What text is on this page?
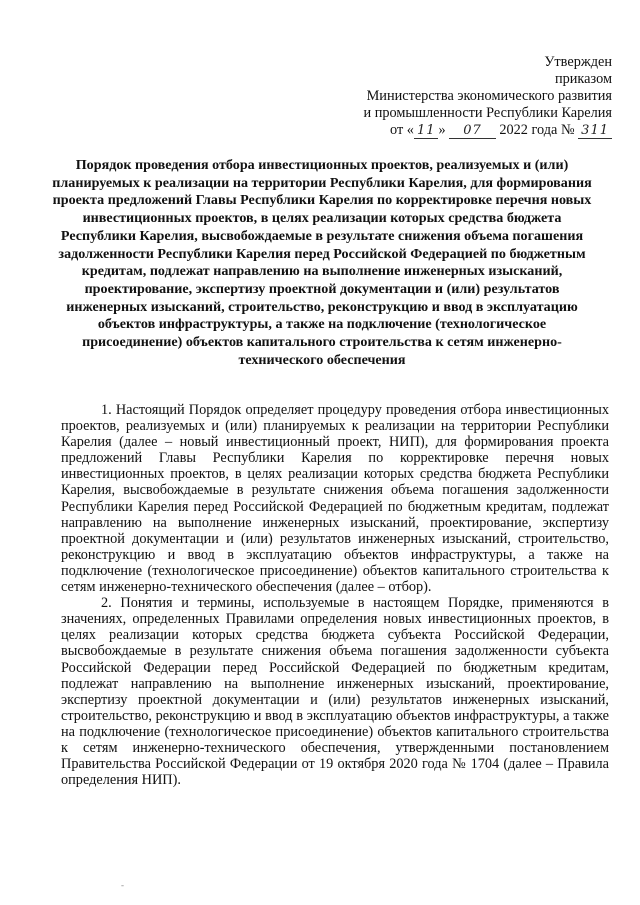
Утвержден
приказом
Министерства экономического развития
и промышленности Республики Карелия
от « 11 » 07 2022 года № 311
Порядок проведения отбора инвестиционных проектов, реализуемых и (или) планируемых к реализации на территории Республики Карелия, для формирования проекта предложений Главы Республики Карелия по корректировке перечня новых инвестиционных проектов, в целях реализации которых средства бюджета Республики Карелия, высвобождаемые в результате снижения объема погашения задолженности Республики Карелия перед Российской Федерацией по бюджетным кредитам, подлежат направлению на выполнение инженерных изысканий, проектирование, экспертизу проектной документации и (или) результатов инженерных изысканий, строительство, реконструкцию и ввод в эксплуатацию объектов инфраструктуры, а также на подключение (технологическое присоединение) объектов капитального строительства к сетям инженерно-технического обеспечения

1. Настоящий Порядок определяет процедуру проведения отбора инвестиционных проектов, реализуемых и (или) планируемых к реализации на территории Республики Карелия (далее – новый инвестиционный проект, НИП), для формирования проекта предложений Главы Республики Карелия по корректировке перечня новых инвестиционных проектов, в целях реализации которых средства бюджета Республики Карелия, высвобождаемые в результате снижения объема погашения задолженности Республики Карелия перед Российской Федерацией по бюджетным кредитам, подлежат направлению на выполнение инженерных изысканий, проектирование, экспертизу проектной документации и (или) результатов инженерных изысканий, строительство, реконструкцию и ввод в эксплуатацию объектов инфраструктуры, а также на подключение (технологическое присоединение) объектов капитального строительства к сетям инженерно-технического обеспечения (далее – отбор).

2. Понятия и термины, используемые в настоящем Порядке, применяются в значениях, определенных Правилами определения новых инвестиционных проектов, в целях реализации которых средства бюджета субъекта Российской Федерации, высвобождаемые в результате снижения объема погашения задолженности субъекта Российской Федерации перед Российской Федерацией по бюджетным кредитам, подлежат направлению на выполнение инженерных изысканий, проектирование, экспертизу проектной документации и (или) результатов инженерных изысканий, строительство, реконструкцию и ввод в эксплуатацию объектов инфраструктуры, а также на подключение (технологическое присоединение) объектов капитального строительства к сетям инженерно-технического обеспечения, утвержденными постановлением Правительства Российской Федерации от 19 октября 2020 года № 1704 (далее – Правила определения НИП).

-
